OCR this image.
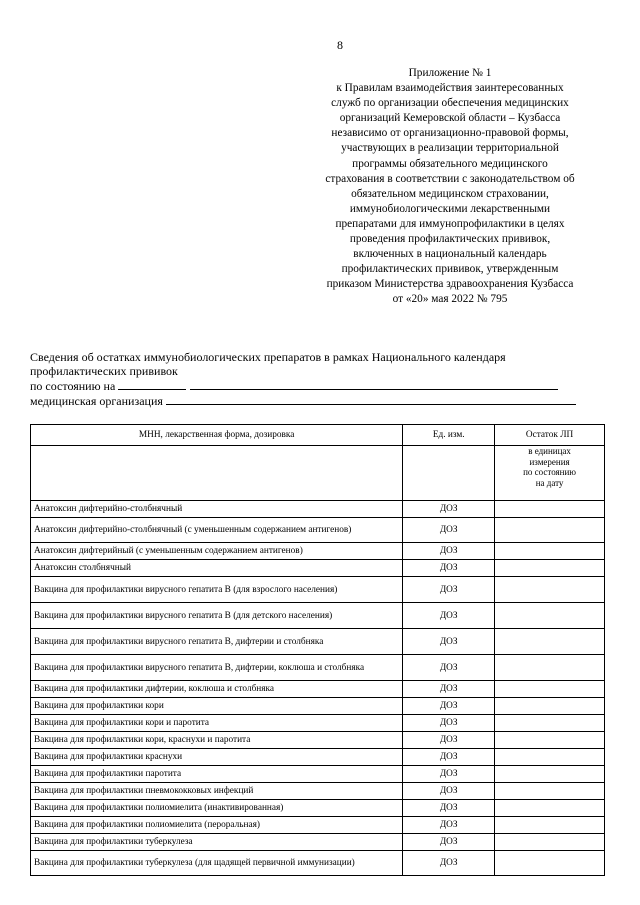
8
Приложение № 1
к Правилам взаимодействия заинтересованных
служб по организации обеспечения медицинских
организаций Кемеровской области – Кузбасса
независимо от организационно-правовой формы,
участвующих в реализации территориальной
программы обязательного медицинского
страхования в соответствии с законодательством об
обязательном медицинском страховании,
иммунобиологическими лекарственными
препаратами для иммунопрофилактики в целях
проведения профилактических прививок,
включенных в национальный календарь
профилактических прививок, утвержденным
приказом Министерства здравоохранения Кузбасса
от «20» мая 2022 № 795
Сведения об остатках иммунобиологических препаратов в рамках Национального календаря
профилактических прививок
по состоянию на
медицинская организация
МНН, лекарственная форма, дозировка	Ед. изм.	Остаток ЛП

		в единицах
измерения
по состоянию
на дату

Анатоксин дифтерийно-столбнячный	ДОЗ	
Анатоксин дифтерийно-столбнячный (с уменьшенным содержанием антигенов)	ДОЗ	
Анатоксин дифтерийный (с уменьшенным содержанием антигенов)	ДОЗ	
Анатоксин столбнячный	ДОЗ	
Вакцина для профилактики вирусного гепатита В (для взрослого населения)	ДОЗ	
Вакцина для профилактики вирусного гепатита В (для детского населения)	ДОЗ	
Вакцина для профилактики вирусного гепатита В, дифтерии и столбняка	ДОЗ	
Вакцина для профилактики вирусного гепатита В, дифтерии, коклюша и столбняка	ДОЗ	
Вакцина для профилактики дифтерии, коклюша и столбняка	ДОЗ	
Вакцина для профилактики кори	ДОЗ	
Вакцина для профилактики кори и паротита	ДОЗ	
Вакцина для профилактики кори, краснухи и паротита	ДОЗ	
Вакцина для профилактики краснухи	ДОЗ	
Вакцина для профилактики паротита	ДОЗ	
Вакцина для профилактики пневмококковых инфекций	ДОЗ	
Вакцина для профилактики полиомиелита (инактивированная)	ДОЗ	
Вакцина для профилактики полиомиелита (пероральная)	ДОЗ	
Вакцина для профилактики туберкулеза	ДОЗ	
Вакцина для профилактики туберкулеза (для щадящей первичной иммунизации)	ДОЗ	
